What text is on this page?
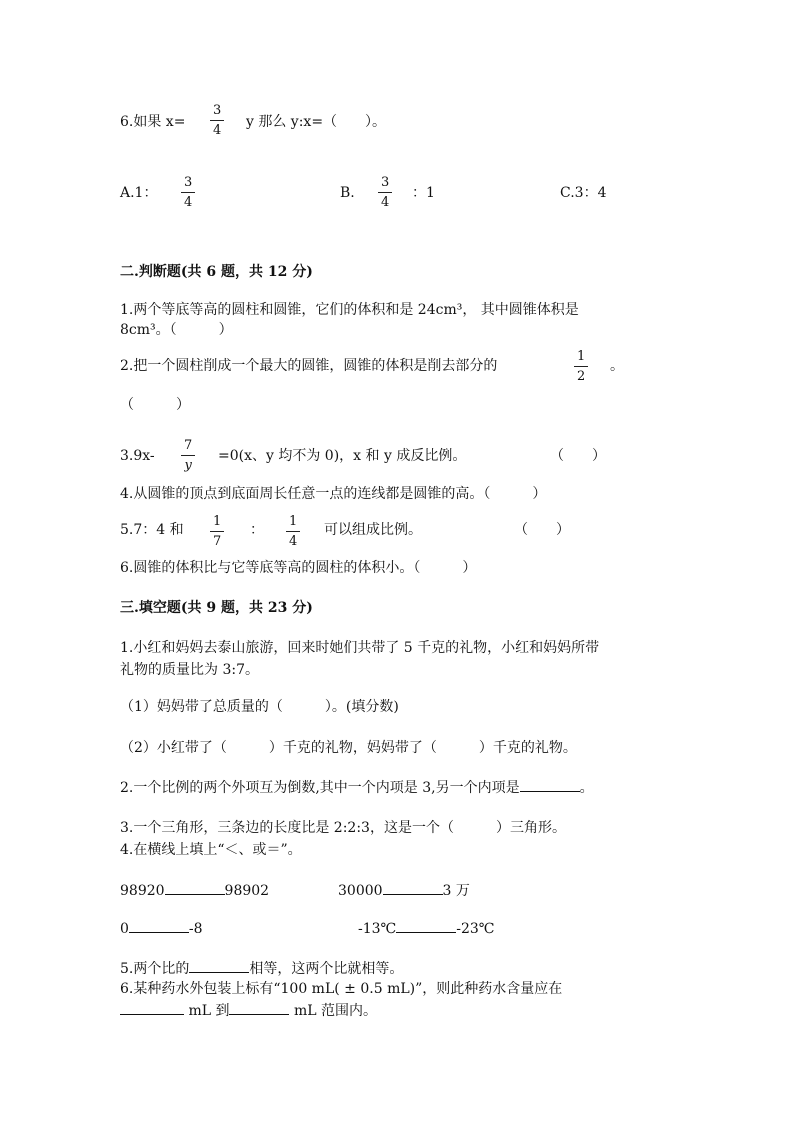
6.如果 x=
3
4
y 那么 y:x=（　　）。
A.1：
3
4
B.
3
4
：1	C.3：4
二.判断题(共 6 题，共 12 分)
1.两个等底等高的圆柱和圆锥，它们的体积和是 24cm³， 其中圆锥体积是
8cm³。（　　　）
2.把一个圆柱削成一个最大的圆锥，圆锥的体积是削去部分的
1
2
。
（　　　）
3.9x-
7
y
=0(x、y 均不为 0)，x 和 y 成反比例。	（　　）
4.从圆锥的顶点到底面周长任意一点的连线都是圆锥的高。（　　　）
5.7：4 和
1
7
：
1
4
可以组成比例。	（　　）
6.圆锥的体积比与它等底等高的圆柱的体积小。（　　　）
三.填空题(共 9 题，共 23 分)
1.小红和妈妈去泰山旅游，回来时她们共带了 5 千克的礼物，小红和妈妈所带
礼物的质量比为 3:7。
（1）妈妈带了总质量的（　　　）。(填分数)
（2）小红带了（　　　）千克的礼物，妈妈带了（　　　）千克的礼物。
2.一个比例的两个外项互为倒数,其中一个内项是 3,另一个内项是	。
3.一个三角形，三条边的长度比是 2:2:3，这是一个（　　　）三角形。
4.在横线上填上“＜、或＝”。
98920	98902	30000	3 万
0	-8	-13℃	-23℃
5.两个比的	相等，这两个比就相等。
6.某种药水外包装上标有“100 mL( ± 0.5 mL)”，则此种药水含量应在
mL 到	mL 范围内。
